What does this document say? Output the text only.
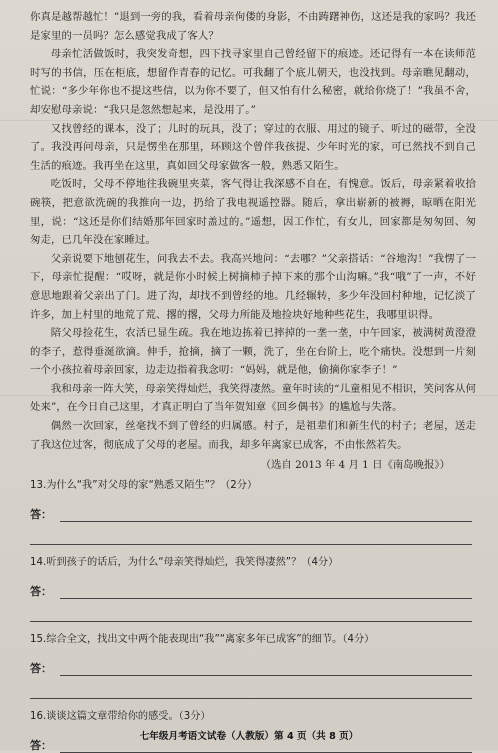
你真是越帮越忙！”退到一旁的我，看着母亲佝偻的身影，不由踌躇神伤，这还是我的家吗？我还是家里的一员吗？怎么感觉我成了客人？

母亲忙活做饭时，我突发奇想，四下找寻家里自己曾经留下的痕迹。还记得有一本在读师范时写的书信，压在柜底，想留作青春的记忆。可我翻了个底儿朝天，也没找到。母亲瞧见翻动，忙说：“多少年你也不提这些信，以为你不要了，但又怕有什么秘密，就给你烧了！”我虽不舍，却安慰母亲说：“我只是忽然想起来，是没用了。”

又找曾经的课本，没了；儿时的玩具，没了；穿过的衣服、用过的镜子、听过的磁带，全没了。我没再问母亲，只是愣坐在那里，环顾这个曾伴我孩提、少年时光的家，可已然找不到自己生活的痕迹。我再坐在这里，真如回父母家做客一般，熟悉又陌生。

吃饭时，父母不停地往我碗里夹菜，客气得让我深感不自在，有愧意。饭后，母亲紧着收拾碗筷，把意欲洗碗的我推向一边，扔给了我电视遥控器。随后，拿出崭新的被褥，晾晒在阳光里，说：“这还是你们结婚那年回家时盖过的。”遥想，因工作忙，有女儿，回家都是匆匆回、匆匆走，已几年没在家睡过。

父亲说要下地刨花生，问我去不去。我高兴地问：“去哪？”父亲搭话：“谷地沟！”我愣了一下，母亲忙提醒：“哎呀，就是你小时候上树摘柿子掉下来的那个山沟嘛。”我“哦”了一声，不好意思地跟着父亲出了门。进了沟，却找不到曾经的地。几经辗转，多少年没回村种地，记忆淡了许多，加上村里的地荒了荒、撂的撂，父母力所能及地捡块好地种些花生，我哪里识得。

陪父母捡花生，农活已显生疏。我在地边拣着已摔掉的一垄一垄，中午回家，被满树黄澄澄的李子，惹得垂涎欲滴。伸手，抢摘，摘了一颗，洗了，坐在台阶上，吃个痛快。没想到一片刻一个小孩拉着母亲回家，边走边指着我念叨：“妈妈，就是他，偷摘你家李子！”

我和母亲一阵大笑，母亲笑得灿烂，我笑得凄然。童年时读的“儿童相见不相识，笑问客从何处来”，在今日自己这里，才真正明白了当年贺知章《回乡偶书》的尴尬与失落。

偶然一次回家，丝毫找不到了曾经的归属感。村子，是祖辈们和新生代的村子；老屋，送走了我这位过客，彻底成了父母的老屋。而我，却多年离家已成客，不由怅然若失。

（选自 2013 年 4 月 1 日《南岛晚报》）

13.为什么“我”对父母的家“熟悉又陌生”？（2分）

答：

14.听到孩子的话后，为什么“母亲笑得灿烂，我笑得凄然”？（4分）

答：

15.综合全文，找出文中两个能表现出“我”“离家多年已成客”的细节。（4分）

答：

16.谈谈这篇文章带给你的感受。（3分）

答：
七年级月考语文试卷（人教版）第 4 页（共 8 页）
